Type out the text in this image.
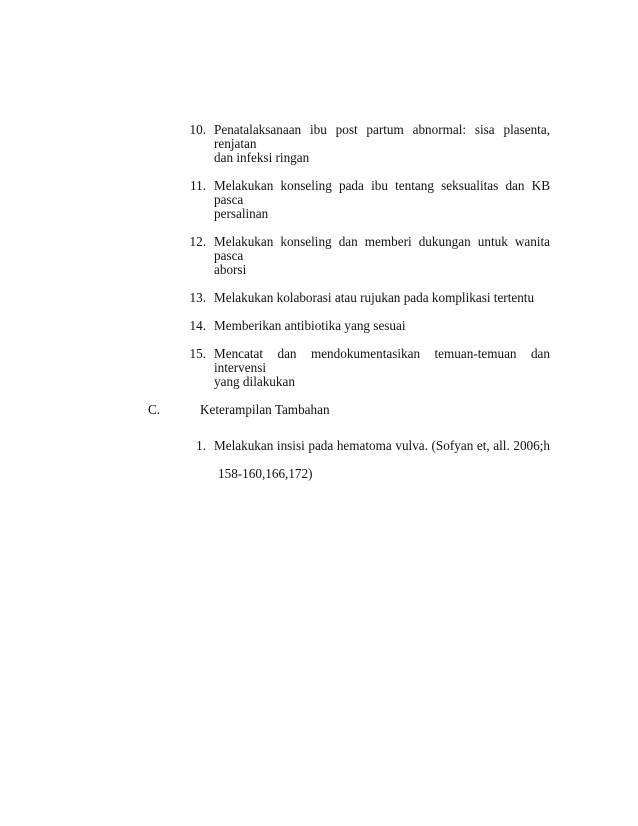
10. Penatalaksanaan ibu post partum abnormal: sisa plasenta, renjatan
dan infeksi ringan
11. Melakukan konseling pada ibu tentang seksualitas dan KB pasca
persalinan
12. Melakukan konseling dan memberi dukungan untuk wanita pasca
aborsi
13. Melakukan kolaborasi atau rujukan pada komplikasi tertentu
14. Memberikan antibiotika yang sesuai
15. Mencatat dan mendokumentasikan temuan-temuan dan intervensi
yang dilakukan
C.	Keterampilan Tambahan
1. Melakukan insisi pada hematoma vulva. (Sofyan et, all. 2006;h
158-160,166,172)
